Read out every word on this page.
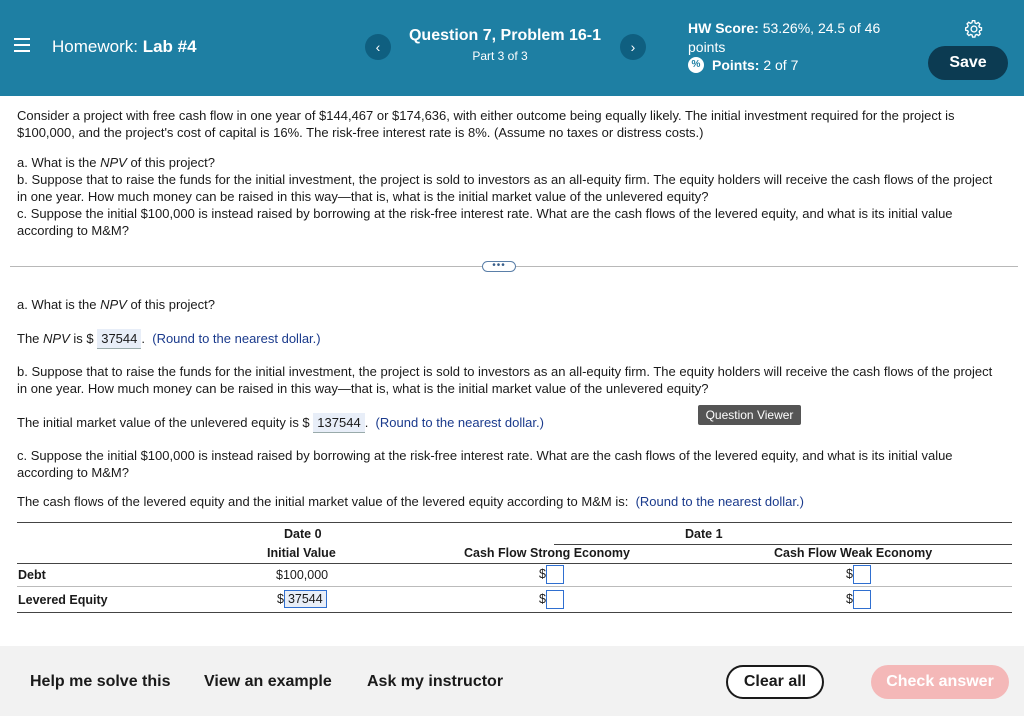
Homework: Lab #4	‹
Question 7, Problem 16-1
Part 3 of 3
›
HW Score: 53.26%, 24.5 of 46
points
% Points:
2 of 7	Save

Consider a project with free cash flow in one year of $144,467 or $174,636, with either outcome being equally likely. The initial investment required for the project is $100,000, and the project's cost of capital is 16%. The risk-free interest rate is 8%. (Assume no taxes or distress costs.)

a. What is the NPV of this project?

b. Suppose that to raise the funds for the initial investment, the project is sold to investors as an all-equity firm. The equity holders will receive the cash flows of the project in one year. How much money can be raised in this way—that is, what is the initial market value of the unlevered equity?

c. Suppose the initial $100,000 is instead raised by borrowing at the risk-free interest rate. What are the cash flows of the levered equity, and what is its initial value according to M&M?

•••
a. What is the NPV of this project?
The NPV is $ 37544 . (Round to the nearest dollar.)
b. Suppose that to raise the funds for the initial investment, the project is sold to investors as an all-equity firm. The equity holders will receive the cash flows of the project in one year. How much money can be raised in this way—that is, what is the initial market value of the unlevered equity?
The initial market value of the unlevered equity is $ 137544 . (Round to the nearest dollar.)	Question Viewer
c. Suppose the initial $100,000 is instead raised by borrowing at the risk-free interest rate. What are the cash flows of the levered equity, and what is its initial value according to M&M?
The cash flows of the levered equity and the initial market value of the levered equity according to M&M is: (Round to the nearest dollar.)
Date 0	Date 1
Initial Value	Cash Flow Strong Economy	Cash Flow Weak Economy
Debt	$100,000	$	$
Levered Equity	$ 37544	$	$
Help me solve this View an example Ask my instructor	Clear all	Check answer
